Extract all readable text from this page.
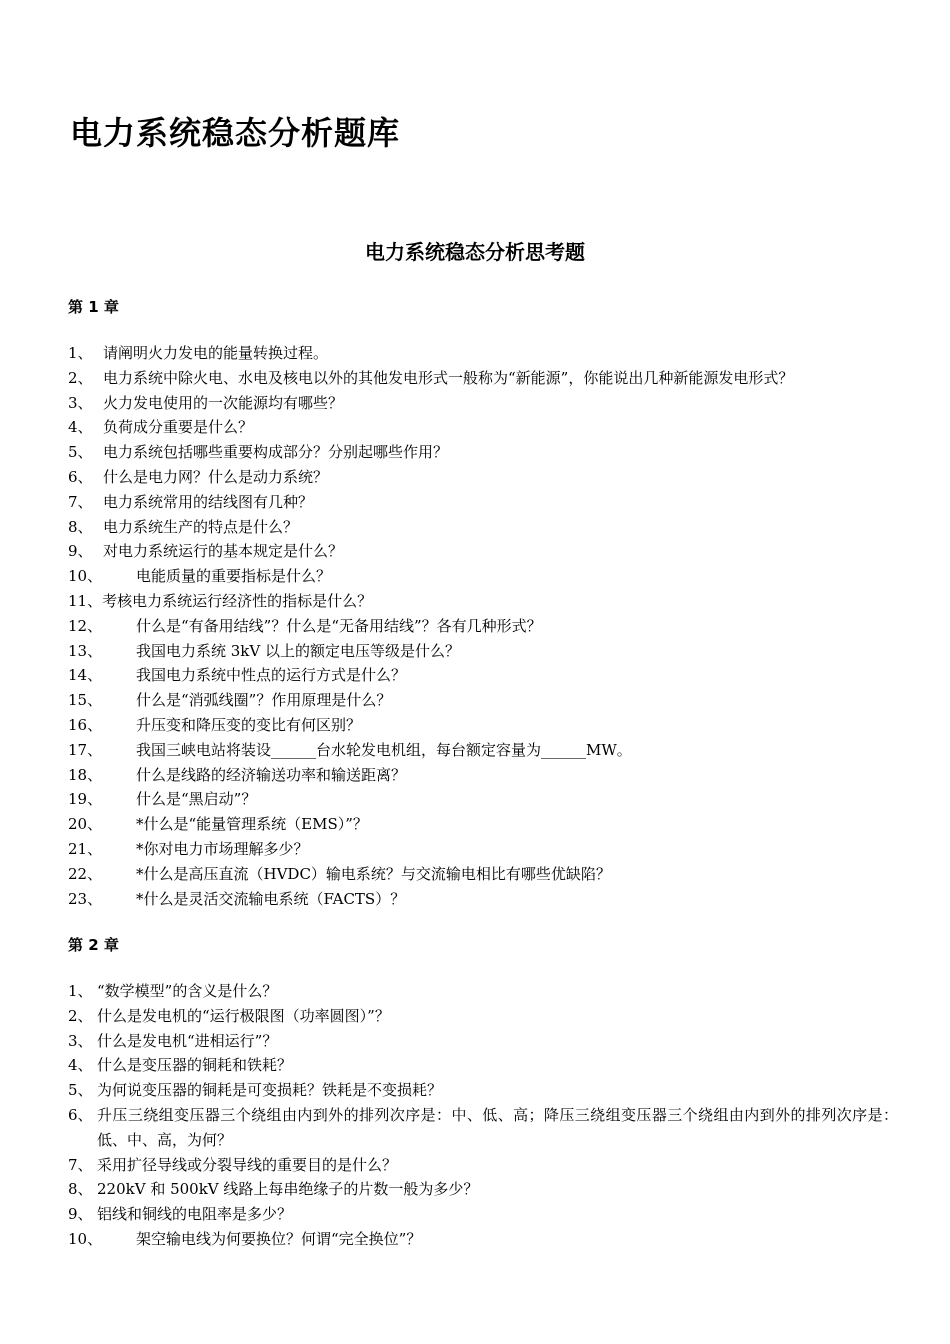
电力系统稳态分析题库
电力系统稳态分析思考题
第 1 章
1、 请阐明火力发电的能量转换过程。
2、 电力系统中除火电、水电及核电以外的其他发电形式一般称为“新能源”，你能说出几种新能源发电形式？
3、 火力发电使用的一次能源均有哪些？
4、 负荷成分重要是什么？
5、 电力系统包括哪些重要构成部分？分别起哪些作用？
6、 什么是电力网？什么是动力系统？
7、 电力系统常用的结线图有几种？
8、 电力系统生产的特点是什么？
9、 对电力系统运行的基本规定是什么？
10、	电能质量的重要指标是什么？
11、 考核电力系统运行经济性的指标是什么？
12、	什么是“有备用结线”？什么是“无备用结线”？各有几种形式？
13、	我国电力系统 3kV 以上的额定电压等级是什么？
14、	我国电力系统中性点的运行方式是什么？
15、	什么是“消弧线圈”？作用原理是什么？
16、	升压变和降压变的变比有何区别？
17、	我国三峡电站将装设______台水轮发电机组，每台额定容量为______MW。
18、	什么是线路的经济输送功率和输送距离？
19、	什么是“黑启动”？
20、	*什么是“能量管理系统（EMS）”？
21、	*你对电力市场理解多少？
22、	*什么是高压直流（HVDC）输电系统？与交流输电相比有哪些优缺陷？
23、	*什么是灵活交流输电系统（FACTS）？
第 2 章
1、 “数学模型”的含义是什么？
2、 什么是发电机的“运行极限图（功率圆图）”？
3、 什么是发电机“进相运行”？
4、 什么是变压器的铜耗和铁耗？
5、 为何说变压器的铜耗是可变损耗？铁耗是不变损耗？
6、 升压三绕组变压器三个绕组由内到外的排列次序是：中、低、高；降压三绕组变压器三个绕组由内到外的排列次序是：低、中、高，为何？
7、 采用扩径导线或分裂导线的重要目的是什么？
8、 220kV 和 500kV 线路上每串绝缘子的片数一般为多少？
9、 铝线和铜线的电阻率是多少？
10、	架空输电线为何要换位？何谓“完全换位”？
